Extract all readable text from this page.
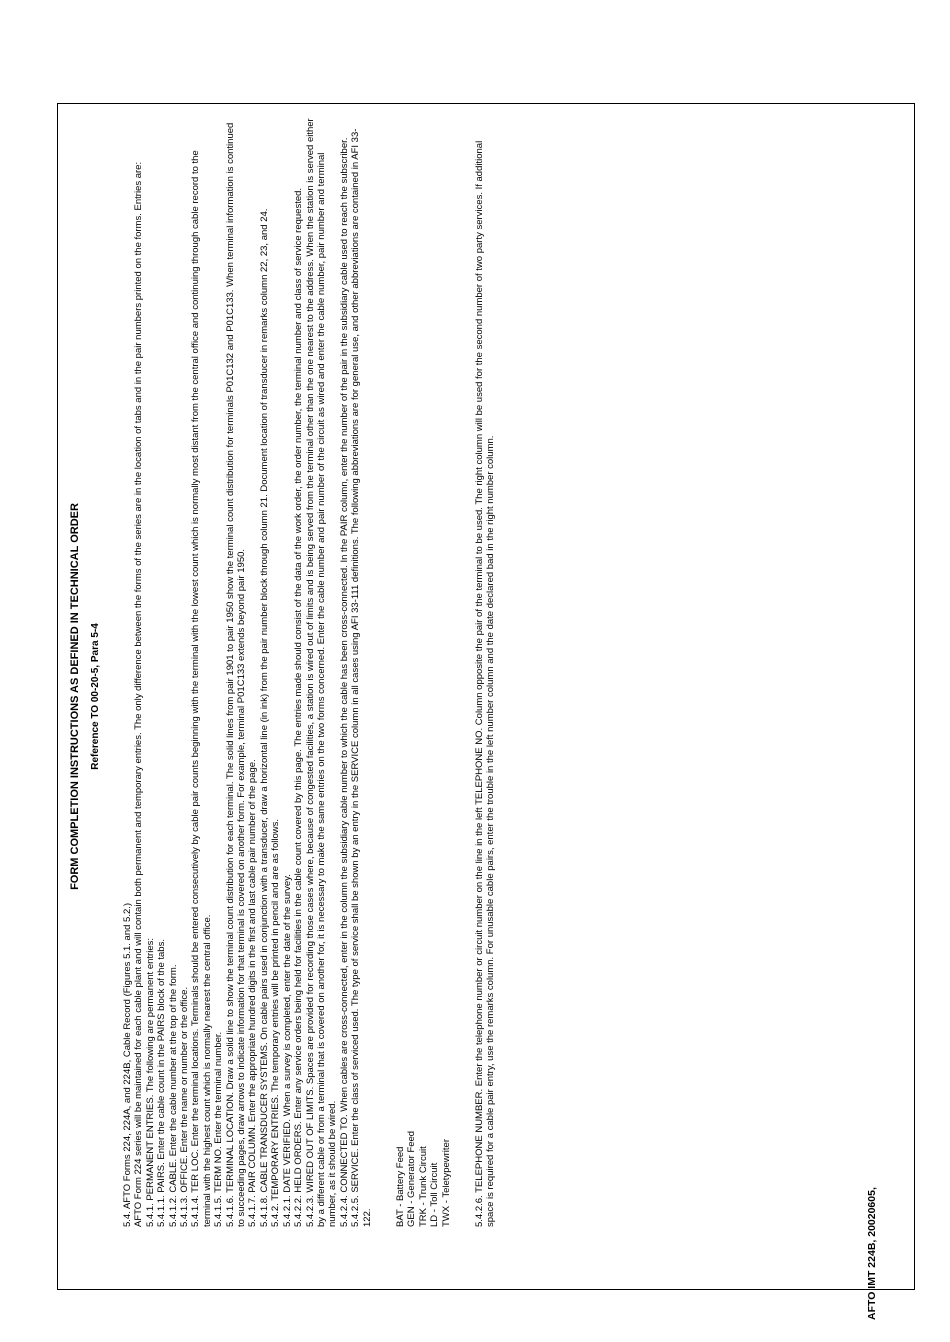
FORM COMPLETION INSTRUCTIONS AS DEFINED IN TECHNICAL ORDER Reference TO 00-20-5, Para 5-4

5.4. AFTO Forms 224, 224A, and 224B, Cable Record (Figures 5.1. and 5.2.) AFTO Form 224 series will be maintained for each cable plant and will contain both permanent and temporary entries. The only difference between the forms of the series are in the location of tabs and in the pair numbers printed on the forms. Entries are: 5.4.1. PERMANENT ENTRIES. The following are permanent entries: 5.4.1.1. PAIRS. Enter the cable count in the PAIRS block of the tabs. 5.4.1.2. CABLE. Enter the cable number at the top of the form. 5.4.1.3. OFFICE. Enter the name or number or the office. 5.4.1.4. TER LOC. Enter the terminal locations. Terminals should be entered consecutively by cable pair counts beginning with the terminal with the lowest count which is normally most distant from the central office and continuing through cable record to the terminal with the highest count which is normally nearest the central office. 5.4.1.5. TERM NO. Enter the terminal number. 5.4.1.6. TERMINAL LOCATION. Draw a solid line to show the terminal count distribution for each terminal. The solid lines from pair 1901 to pair 1950 show the terminal count distribution for terminals P01C132 and P01C133. When terminal information is continued to succeeding pages, draw arrows to indicate information for that terminal is covered on another form. For example, terminal P01C133 extends beyond pair 1950. 5.4.1.7. PAIR COLUMN. Enter the appropriate hundred digits in the first and last cable pair number of the page. 5.4.1.8. CABLE TRANSDUCER SYSTEMS. On cable pairs used in conjunction with a transducer, draw a horizontal line (in ink) from the pair number block through column 21. Document location of transducer in remarks column 22, 23, and 24. 5.4.2. TEMPORARY ENTRIES. The temporary entries will be printed in pencil and are as follows. 5.4.2.1. DATE VERIFIED. When a survey is completed, enter the date of the survey. 5.4.2.2. HELD ORDERS. Enter any service orders being held for facilities in the cable count covered by this page. The entries made should consist of the data of the work order, the order number, the terminal number and class of service requested. 5.4.2.3. WIRED OUT OF LIMITS. Spaces are provided for recording those cases where, because of congested facilities, a station is wired out of limits and is being served from the terminal other than the one nearest to the address. When the station is served either by a different cable or from a terminal that is covered on another for, it is necessary to make the same entries on the two forms concerned. Enter the cable number and pair number of the circuit as wired and enter the cable number, pair number and terminal number, as it should be wired. 5.4.2.4. CONNECTED TO. When cables are cross-connected, enter in the column the subsidiary cable number to which the cable has been cross-connected. In the PAIR column, enter the number of the pair in the subsidiary cable used to reach the subscriber. 5.4.2.5. SERVICE. Enter the class of serviced used. The type of service shall be shown by an entry in the SERVICE column in all cases using AFI 33-111 definitions. The following abbreviations are for general use, and other abbreviations are contained in AFI 33-122. BAT - Battery Feed GEN - Generator Feed TRK - Trunk Circuit LD - Toll Circuit TWX - Teletypewriter 5.4.2.6. TELEPHONE NUMBER. Enter the telephone number or circuit number on the line in the left TELEPHONE NO. Column opposite the pair of the terminal to be used. The right column will be used for the second number of two party services. If additional space is required for a cable pair entry, use the remarks column. For unusable cable pairs, enter the trouble in the left number column and the date declared bad in the right number column.

AFTO IMT 224B, 20020605,
